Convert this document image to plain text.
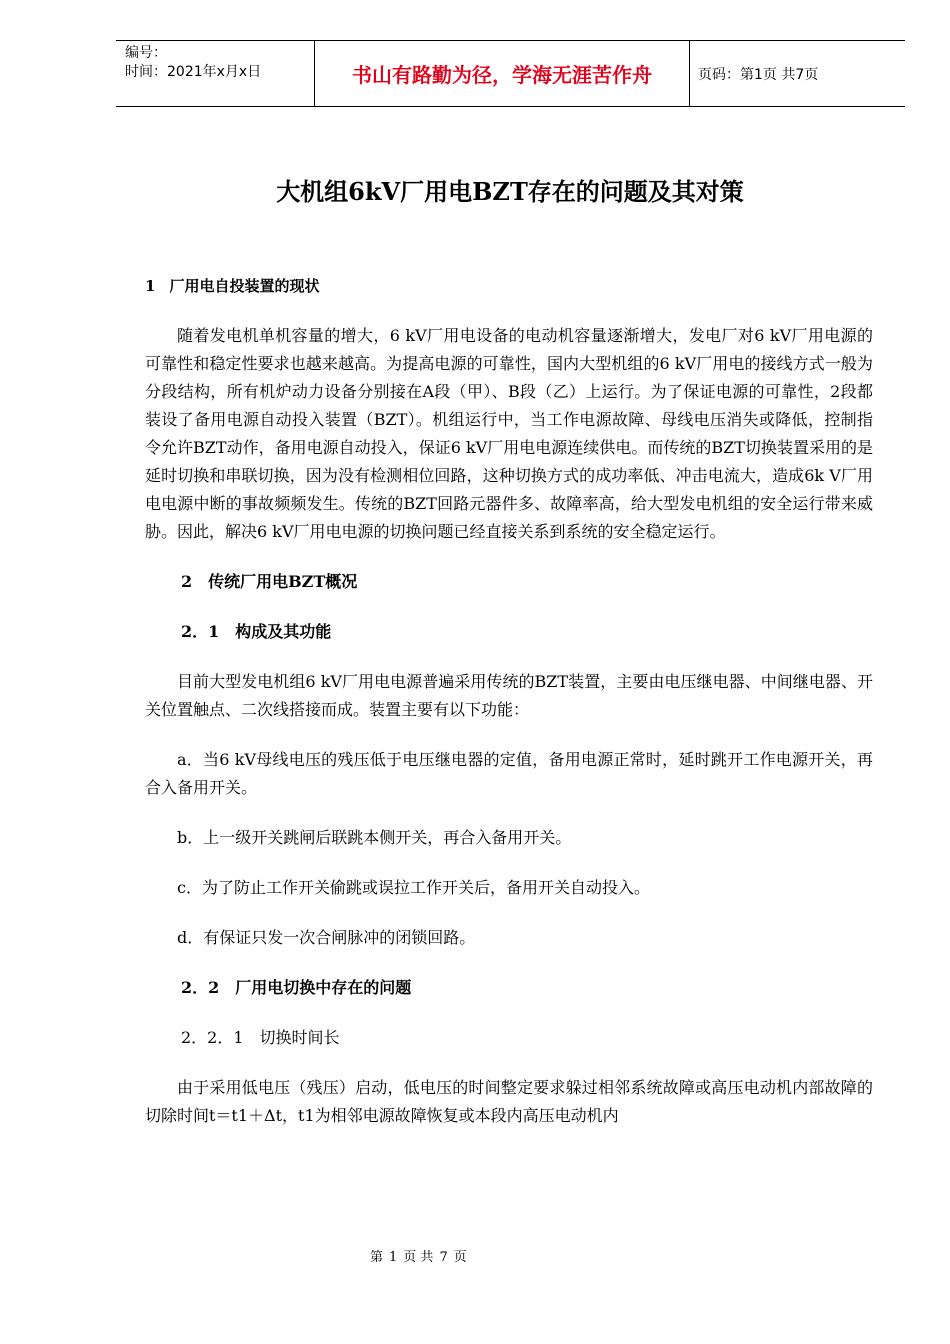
编号：
时间：2021年x月x日	书山有路勤为径，学海无涯苦作舟	页码：第1页 共7页
大机组6kV厂用电BZT存在的问题及其对策
1 厂用电自投装置的现状

随着发电机单机容量的增大，6 kV厂用电设备的电动机容量逐渐增大，发电厂对6 kV厂用电源的可靠性和稳定性要求也越来越高。为提高电源的可靠性，国内大型机组的6 kV厂用电的接线方式一般为分段结构，所有机炉动力设备分别接在A段（甲）、B段（乙）上运行。为了保证电源的可靠性，2段都装设了备用电源自动投入装置（BZT）。机组运行中，当工作电源故障、母线电压消失或降低，控制指令允许BZT动作，备用电源自动投入，保证6 kV厂用电电源连续供电。而传统的BZT切换装置采用的是延时切换和串联切换，因为没有检测相位回路，这种切换方式的成功率低、冲击电流大，造成6k V厂用电电源中断的事故频频发生。传统的BZT回路元器件多、故障率高，给大型发电机组的安全运行带来威胁。因此，解决6 kV厂用电电源的切换问题已经直接关系到系统的安全稳定运行。

2 传统厂用电BZT概况
2．1 构成及其功能

目前大型发电机组6 kV厂用电电源普遍采用传统的BZT装置，主要由电压继电器、中间继电器、开关位置触点、二次线搭接而成。装置主要有以下功能：

a．当6 kV母线电压的残压低于电压继电器的定值，备用电源正常时，延时跳开工作电源开关，再合入备用开关。

b．上一级开关跳闸后联跳本侧开关，再合入备用开关。

c．为了防止工作开关偷跳或误拉工作开关后，备用开关自动投入。

d．有保证只发一次合闸脉冲的闭锁回路。

2．2 厂用电切换中存在的问题
2．2．1 切换时间长

由于采用低电压（残压）启动，低电压的时间整定要求躲过相邻系统故障或高压电动机内部故障的切除时间t＝t1＋Δt，t1为相邻电源故障恢复或本段内高压电动机内

第 1 页 共 7 页
